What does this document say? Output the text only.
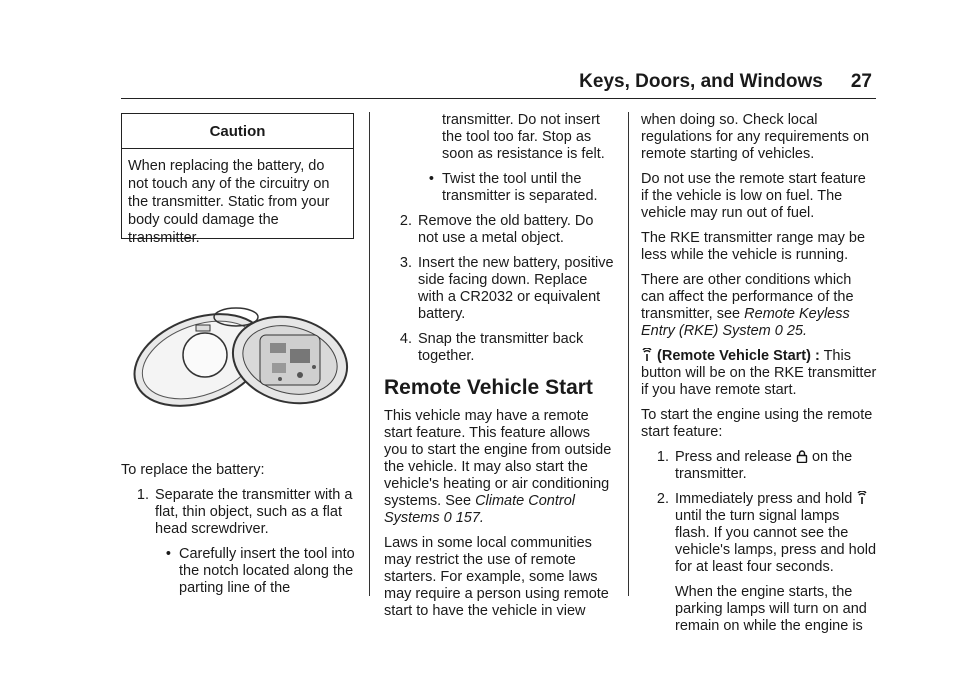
Keys, Doors, and Windows 27
Caution
When replacing the battery, do not touch any of the circuitry on the transmitter. Static from your body could damage the transmitter.

To replace the battery:

1. Separate the transmitter with a flat, thin object, such as a flat head screwdriver.
• Carefully insert the tool into the notch located along the parting line of the
transmitter. Do not insert the tool too far. Stop as soon as resistance is felt.
• Twist the tool until the transmitter is separated.
2. Remove the old battery. Do not use a metal object.
3. Insert the new battery, positive side facing down. Replace with a CR2032 or equivalent battery.
4. Snap the transmitter back together.
Remote Vehicle Start

This vehicle may have a remote start feature. This feature allows you to start the engine from outside the vehicle. It may also start the vehicle's heating or air conditioning systems. See Climate Control Systems 0 157.

Laws in some local communities may restrict the use of remote starters. For example, some laws may require a person using remote start to have the vehicle in view

when doing so. Check local regulations for any requirements on remote starting of vehicles.

Do not use the remote start feature if the vehicle is low on fuel. The vehicle may run out of fuel.

The RKE transmitter range may be less while the vehicle is running.

There are other conditions which can affect the performance of the transmitter, see Remote Keyless Entry (RKE) System 0 25.

(Remote Vehicle Start) : This button will be on the RKE transmitter if you have remote start.

To start the engine using the remote start feature:

1. Press and release on the transmitter.
2. Immediately press and hold  until the turn signal lamps flash. If you cannot see the vehicle's lamps, press and hold for at least four seconds.
When the engine starts, the parking lamps will turn on and remain on while the engine is
